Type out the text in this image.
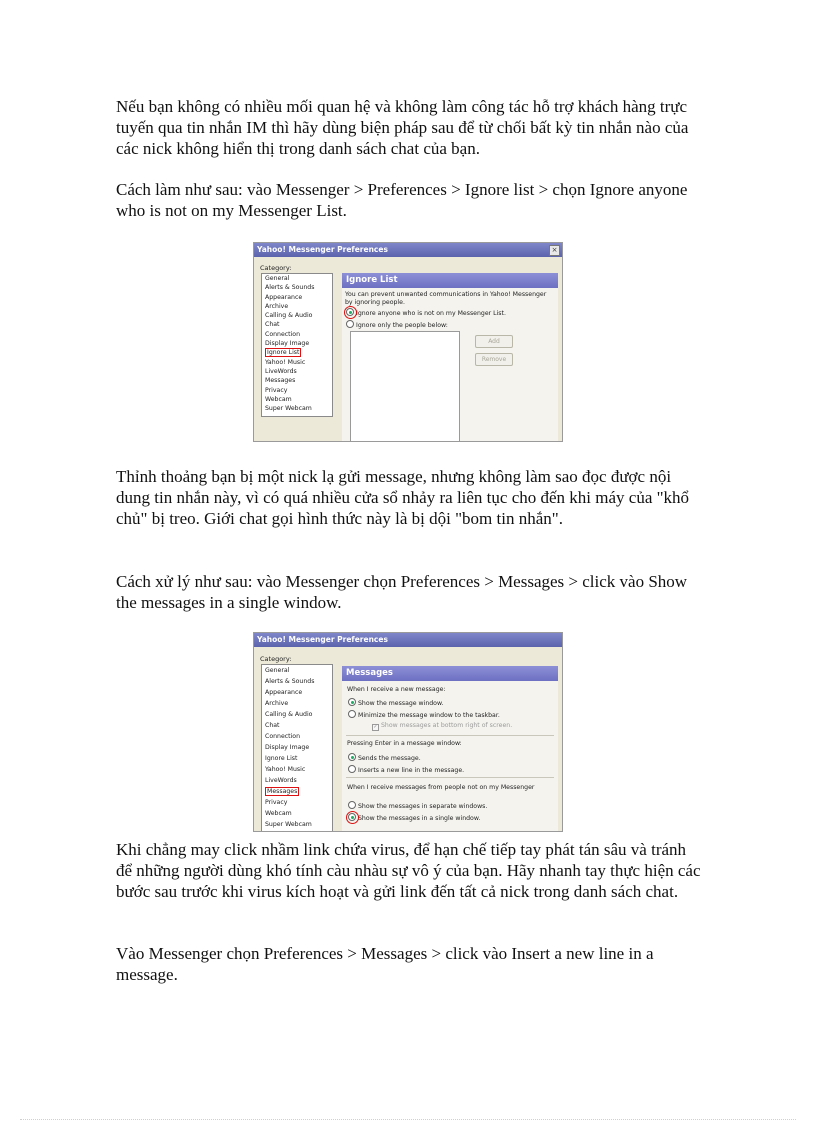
Nếu bạn không có nhiều mối quan hệ và không làm công tác hỗ trợ khách hàng trực tuyến qua tin nhắn IM thì hãy dùng biện pháp sau để từ chối bất kỳ tin nhắn nào của các nick không hiển thị trong danh sách chat của bạn.

Cách làm như sau: vào Messenger > Preferences > Ignore list > chọn Ignore anyone who is not on my Messenger List.

Yahoo! Messenger Preferences	×
Category:
General
Alerts & Sounds
Appearance
Archive
Calling & Audio
Chat
Connection
Display Image
Ignore List
Yahoo! Music
LiveWords
Messages
Privacy
Webcam
Super Webcam
Ignore List
You can prevent unwanted communications in Yahoo! Messenger by ignoring people.
Ignore anyone who is not on my Messenger List.
Ignore only the people below:
Add
Remove

Thỉnh thoảng bạn bị một nick lạ gửi message, nhưng không làm sao đọc được nội dung tin nhắn này, vì có quá nhiều cửa sổ nhảy ra liên tục cho đến khi máy của "khổ chủ" bị treo. Giới chat gọi hình thức này là bị dội "bom tin nhắn".

Cách xử lý như sau: vào Messenger chọn Preferences > Messages > click vào Show the messages in a single window.

Yahoo! Messenger Preferences
Category:
General
Alerts & Sounds
Appearance
Archive
Calling & Audio
Chat
Connection
Display Image
Ignore List
Yahoo! Music
LiveWords
Messages
Privacy
Webcam
Super Webcam
Messages
When I receive a new message:
Show the message window.
Minimize the message window to the taskbar.
✓ Show messages at bottom right of screen.
Pressing Enter in a message window:
Sends the message.
Inserts a new line in the message.
When I receive messages from people not on my Messenger
Show the messages in separate windows.
Show the messages in a single window.

Khi chẳng may click nhầm link chứa virus, để hạn chế tiếp tay phát tán sâu và tránh để những người dùng khó tính càu nhàu sự vô ý của bạn. Hãy nhanh tay thực hiện các bước sau trước khi virus kích hoạt và gửi link đến tất cả nick trong danh sách chat.

Vào Messenger chọn Preferences > Messages > click vào Insert a new line in a message.
